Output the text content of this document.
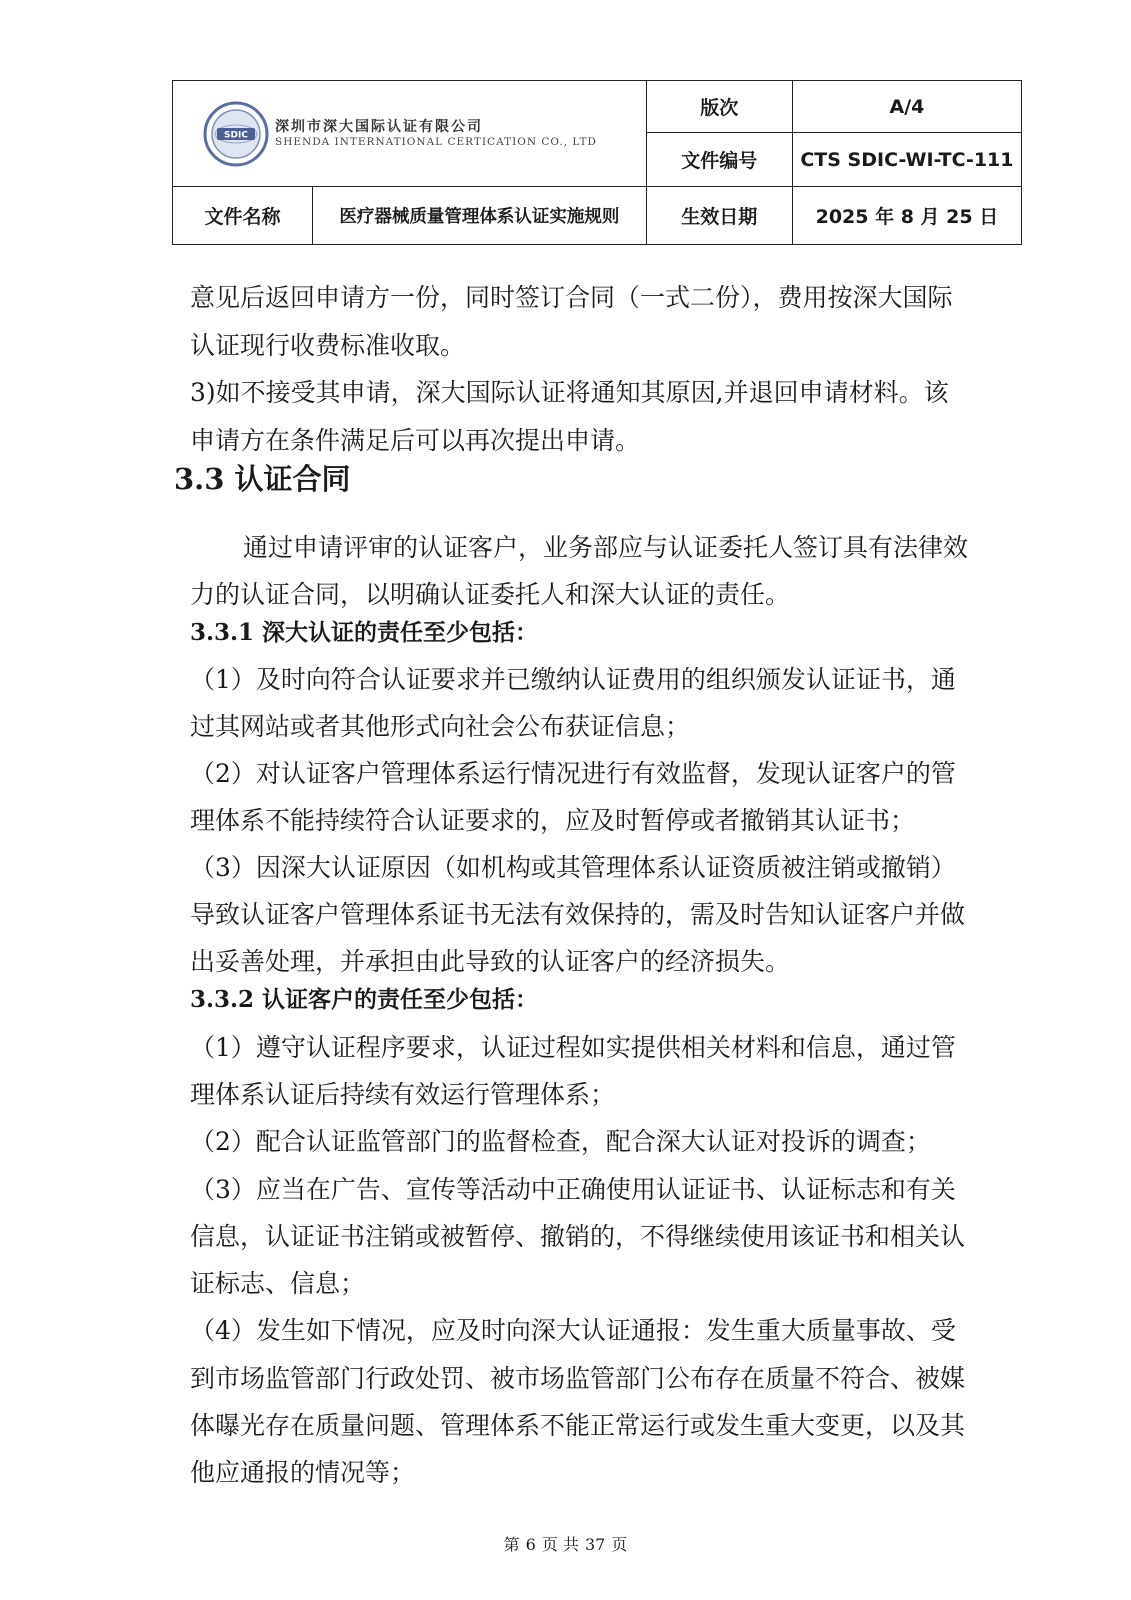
SDIC
深圳市深大国际认证有限公司
SHENDA INTERNATIONAL CERTICATION CO., LTD		版次	A/4
		文件编号	CTS SDIC-WI-TC-111
文件名称	医疗器械质量管理体系认证实施规则	生效日期	2025 年 8 月 25 日
意见后返回申请方一份，同时签订合同（一式二份），费用按深大国际
认证现行收费标准收取。
3)如不接受其申请，深大国际认证将通知其原因,并退回申请材料。该
申请方在条件满足后可以再次提出申请。
3.3 认证合同
通过申请评审的认证客户，业务部应与认证委托人签订具有法律效
力的认证合同，以明确认证委托人和深大认证的责任。
3.3.1 深大认证的责任至少包括：
（1）及时向符合认证要求并已缴纳认证费用的组织颁发认证证书，通
过其网站或者其他形式向社会公布获证信息；
（2）对认证客户管理体系运行情况进行有效监督，发现认证客户的管
理体系不能持续符合认证要求的，应及时暂停或者撤销其认证书；
（3）因深大认证原因（如机构或其管理体系认证资质被注销或撤销）
导致认证客户管理体系证书无法有效保持的，需及时告知认证客户并做
出妥善处理，并承担由此导致的认证客户的经济损失。
3.3.2 认证客户的责任至少包括：
（1）遵守认证程序要求，认证过程如实提供相关材料和信息，通过管
理体系认证后持续有效运行管理体系；
（2）配合认证监管部门的监督检查，配合深大认证对投诉的调查；
（3）应当在广告、宣传等活动中正确使用认证证书、认证标志和有关
信息，认证证书注销或被暂停、撤销的，不得继续使用该证书和相关认
证标志、信息；
（4）发生如下情况，应及时向深大认证通报：发生重大质量事故、受
到市场监管部门行政处罚、被市场监管部门公布存在质量不符合、被媒
体曝光存在质量问题、管理体系不能正常运行或发生重大变更，以及其
他应通报的情况等；
第 6 页 共 37 页
